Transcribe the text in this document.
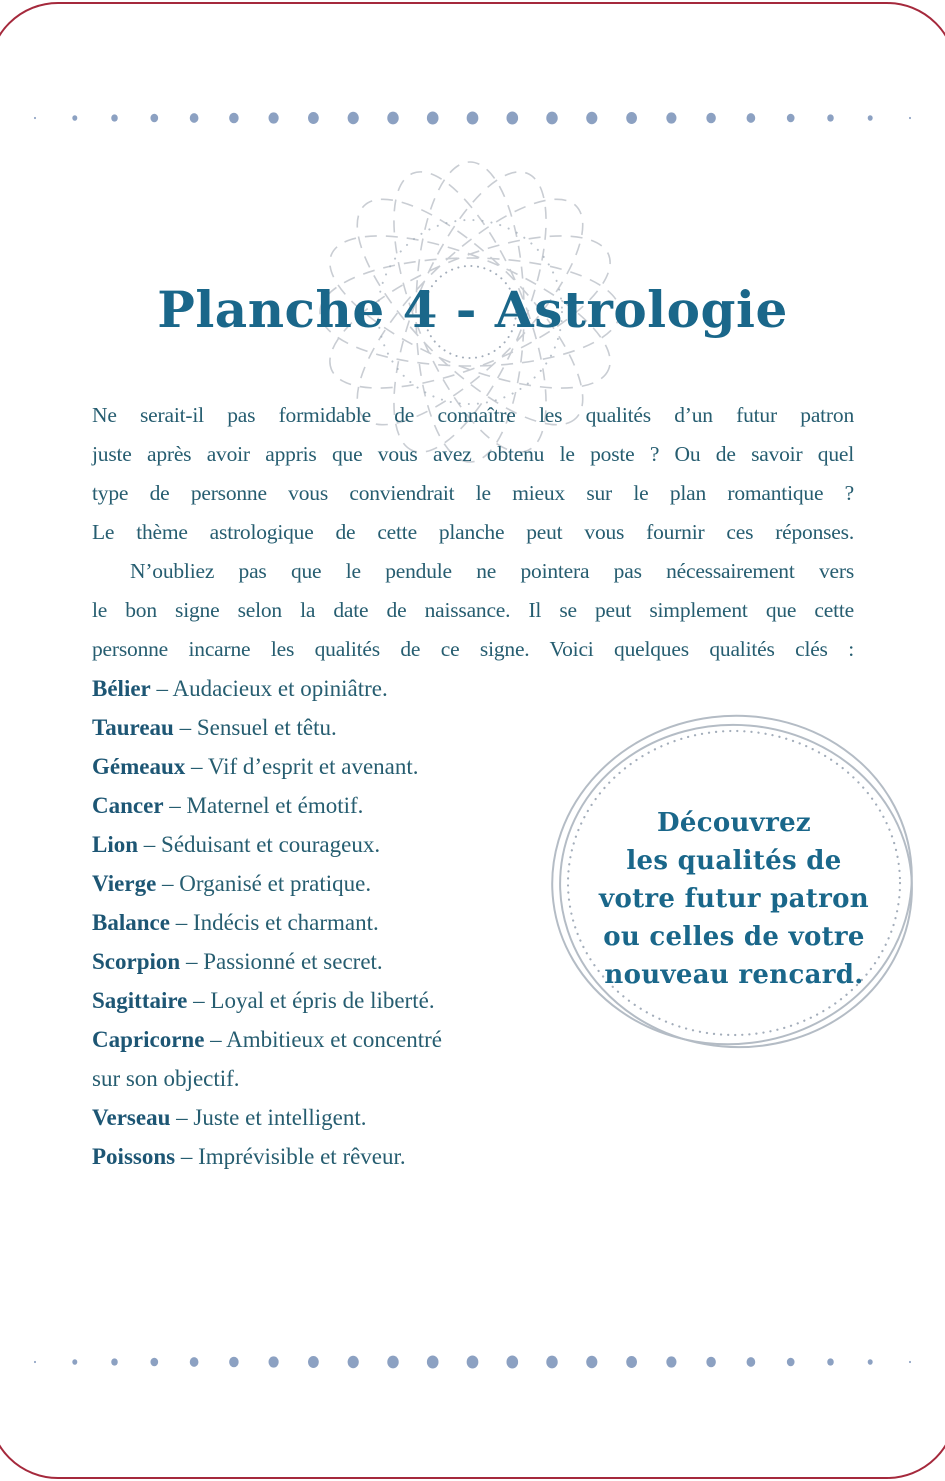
Planche 4 - Astrologie
Ne serait-il pas formidable de connaître les qualités d’un futur patron
juste après avoir appris que vous avez obtenu le poste ? Ou de savoir quel
type de personne vous conviendrait le mieux sur le plan romantique ?
Le thème astrologique de cette planche peut vous fournir ces réponses.
N’oubliez pas que le pendule ne pointera pas nécessairement vers
le bon signe selon la date de naissance. Il se peut simplement que cette
personne incarne les qualités de ce signe. Voici quelques qualités clés :
Bélier – Audacieux et opiniâtre.
Taureau – Sensuel et têtu.
Gémeaux – Vif d’esprit et avenant.
Cancer – Maternel et émotif.
Lion – Séduisant et courageux.
Vierge – Organisé et pratique.
Balance – Indécis et charmant.
Scorpion – Passionné et secret.
Sagittaire – Loyal et épris de liberté.
Capricorne – Ambitieux et concentré
sur son objectif.
Verseau – Juste et intelligent.
Poissons – Imprévisible et rêveur.
Découvrez
les qualités de
votre futur patron
ou celles de votre
nouveau rencard.
